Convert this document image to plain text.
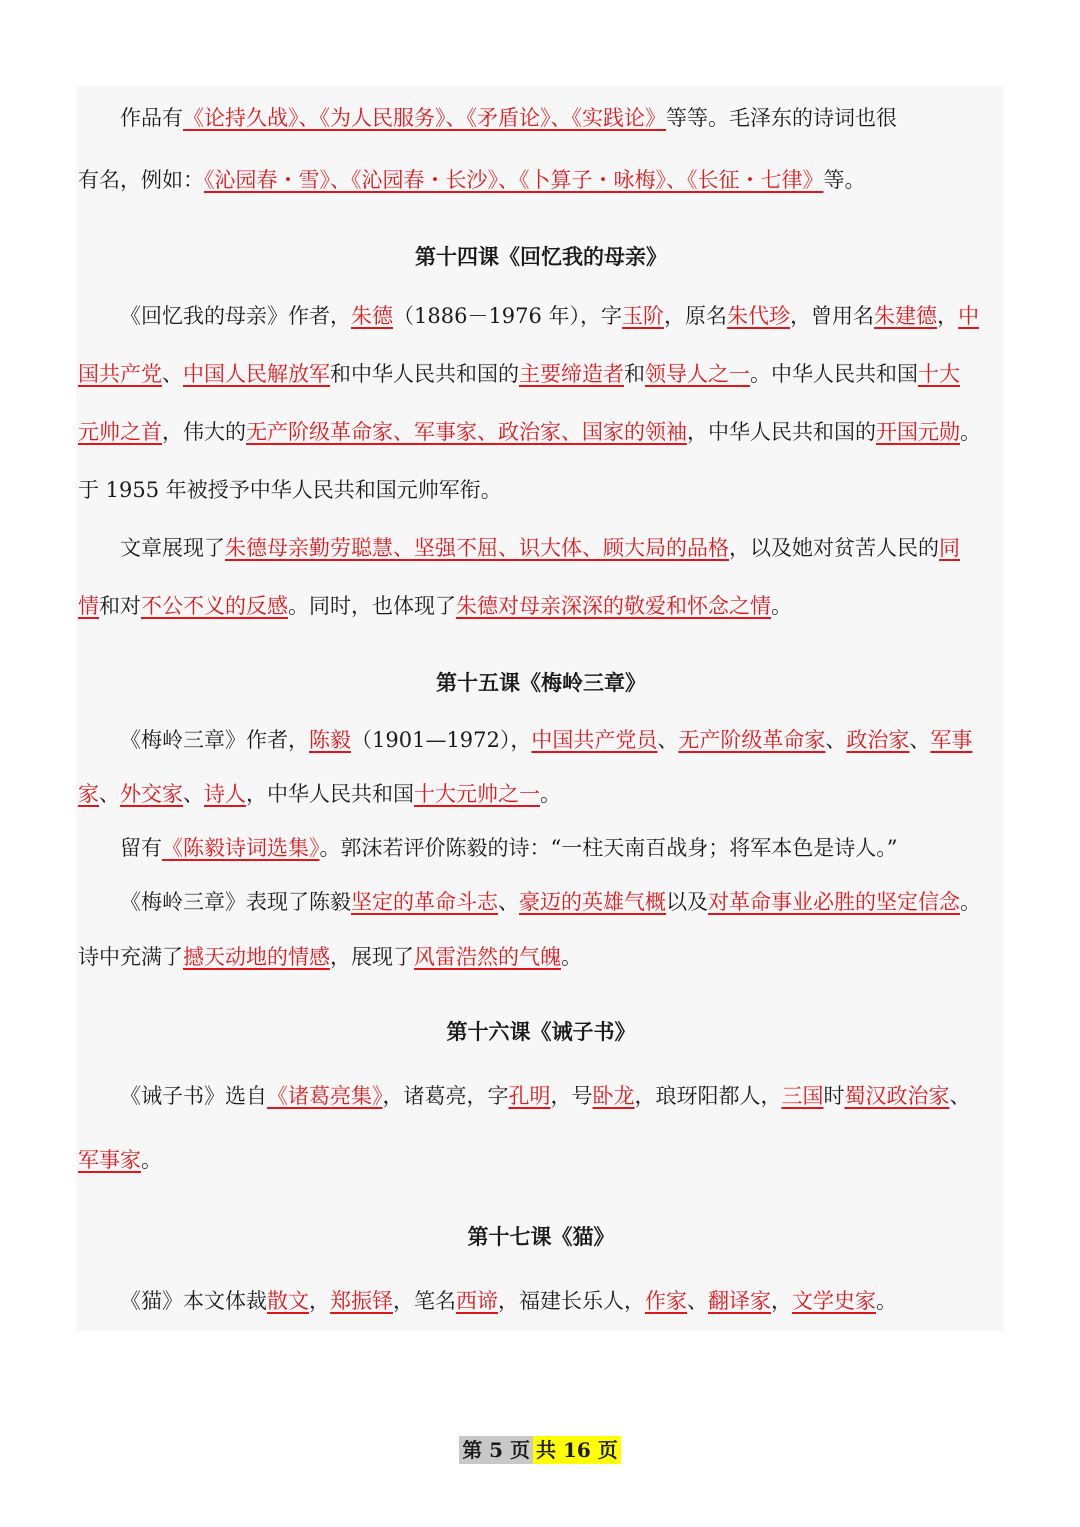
作品有《论持久战》、《为人民服务》、《矛盾论》、《实践论》等等。毛泽东的诗词也很
有名，例如：《沁园春・雪》、《沁园春・长沙》、《卜算子・咏梅》、《长征・七律》等。
第十四课《回忆我的母亲》
《回忆我的母亲》作者，朱德（1886－1976 年），字玉阶，原名朱代珍，曾用名朱建德，中
国共产党、中国人民解放军和中华人民共和国的主要缔造者和领导人之一。中华人民共和国十大
元帅之首，伟大的无产阶级革命家、军事家、政治家、国家的领袖，中华人民共和国的开国元勋。
于 1955 年被授予中华人民共和国元帅军衔。
文章展现了朱德母亲勤劳聪慧、坚强不屈、识大体、顾大局的品格，以及她对贫苦人民的同
情和对不公不义的反感。同时，也体现了朱德对母亲深深的敬爱和怀念之情。
第十五课《梅岭三章》
《梅岭三章》作者，陈毅（1901—1972），中国共产党员、无产阶级革命家、政治家、军事
家、外交家、诗人，中华人民共和国十大元帅之一。
留有《陈毅诗词选集》。郭沫若评价陈毅的诗：“一柱天南百战身；将军本色是诗人。”
《梅岭三章》表现了陈毅坚定的革命斗志、豪迈的英雄气概以及对革命事业必胜的坚定信念。
诗中充满了撼天动地的情感，展现了风雷浩然的气魄。
第十六课《诫子书》
《诫子书》选自《诸葛亮集》，诸葛亮，字孔明，号卧龙，琅玡阳都人，三国时蜀汉政治家、
军事家。
第十七课《猫》
《猫》本文体裁散文，郑振铎，笔名西谛，福建长乐人，作家、翻译家，文学史家。
第 5 页 共 16 页
